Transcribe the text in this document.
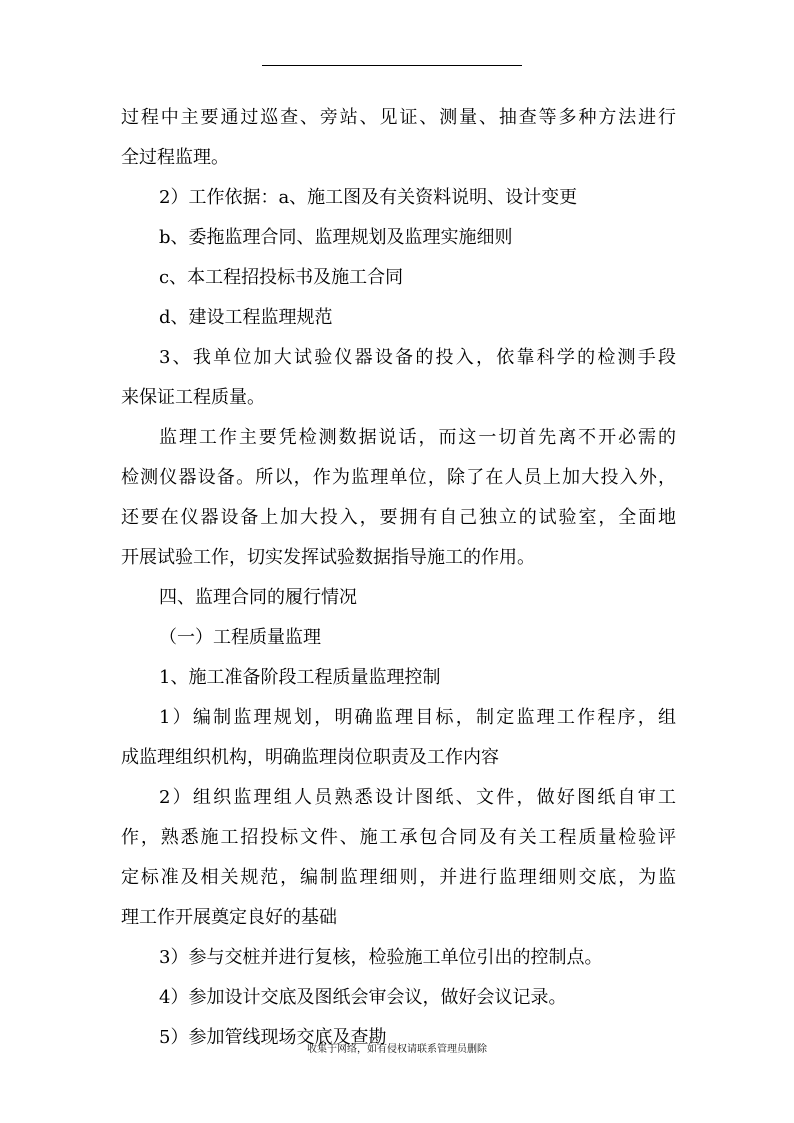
过程中主要通过巡查、旁站、见证、测量、抽查等多种方法进行
全过程监理。
2）工作依据：a、施工图及有关资料说明、设计变更
b、委拖监理合同、监理规划及监理实施细则
c、本工程招投标书及施工合同
d、建设工程监理规范
3、我单位加大试验仪器设备的投入，依靠科学的检测手段
来保证工程质量。
监理工作主要凭检测数据说话，而这一切首先离不开必需的
检测仪器设备。所以，作为监理单位，除了在人员上加大投入外，
还要在仪器设备上加大投入，要拥有自己独立的试验室，全面地
开展试验工作，切实发挥试验数据指导施工的作用。
四、监理合同的履行情况
（一）工程质量监理
1、施工准备阶段工程质量监理控制
1）编制监理规划，明确监理目标，制定监理工作程序，组
成监理组织机构，明确监理岗位职责及工作内容
2）组织监理组人员熟悉设计图纸、文件，做好图纸自审工
作，熟悉施工招投标文件、施工承包合同及有关工程质量检验评
定标准及相关规范，编制监理细则，并进行监理细则交底，为监
理工作开展奠定良好的基础
3）参与交桩并进行复核，检验施工单位引出的控制点。
4）参加设计交底及图纸会审会议，做好会议记录。
5）参加管线现场交底及查勘
收集于网络，如有侵权请联系管理员删除
